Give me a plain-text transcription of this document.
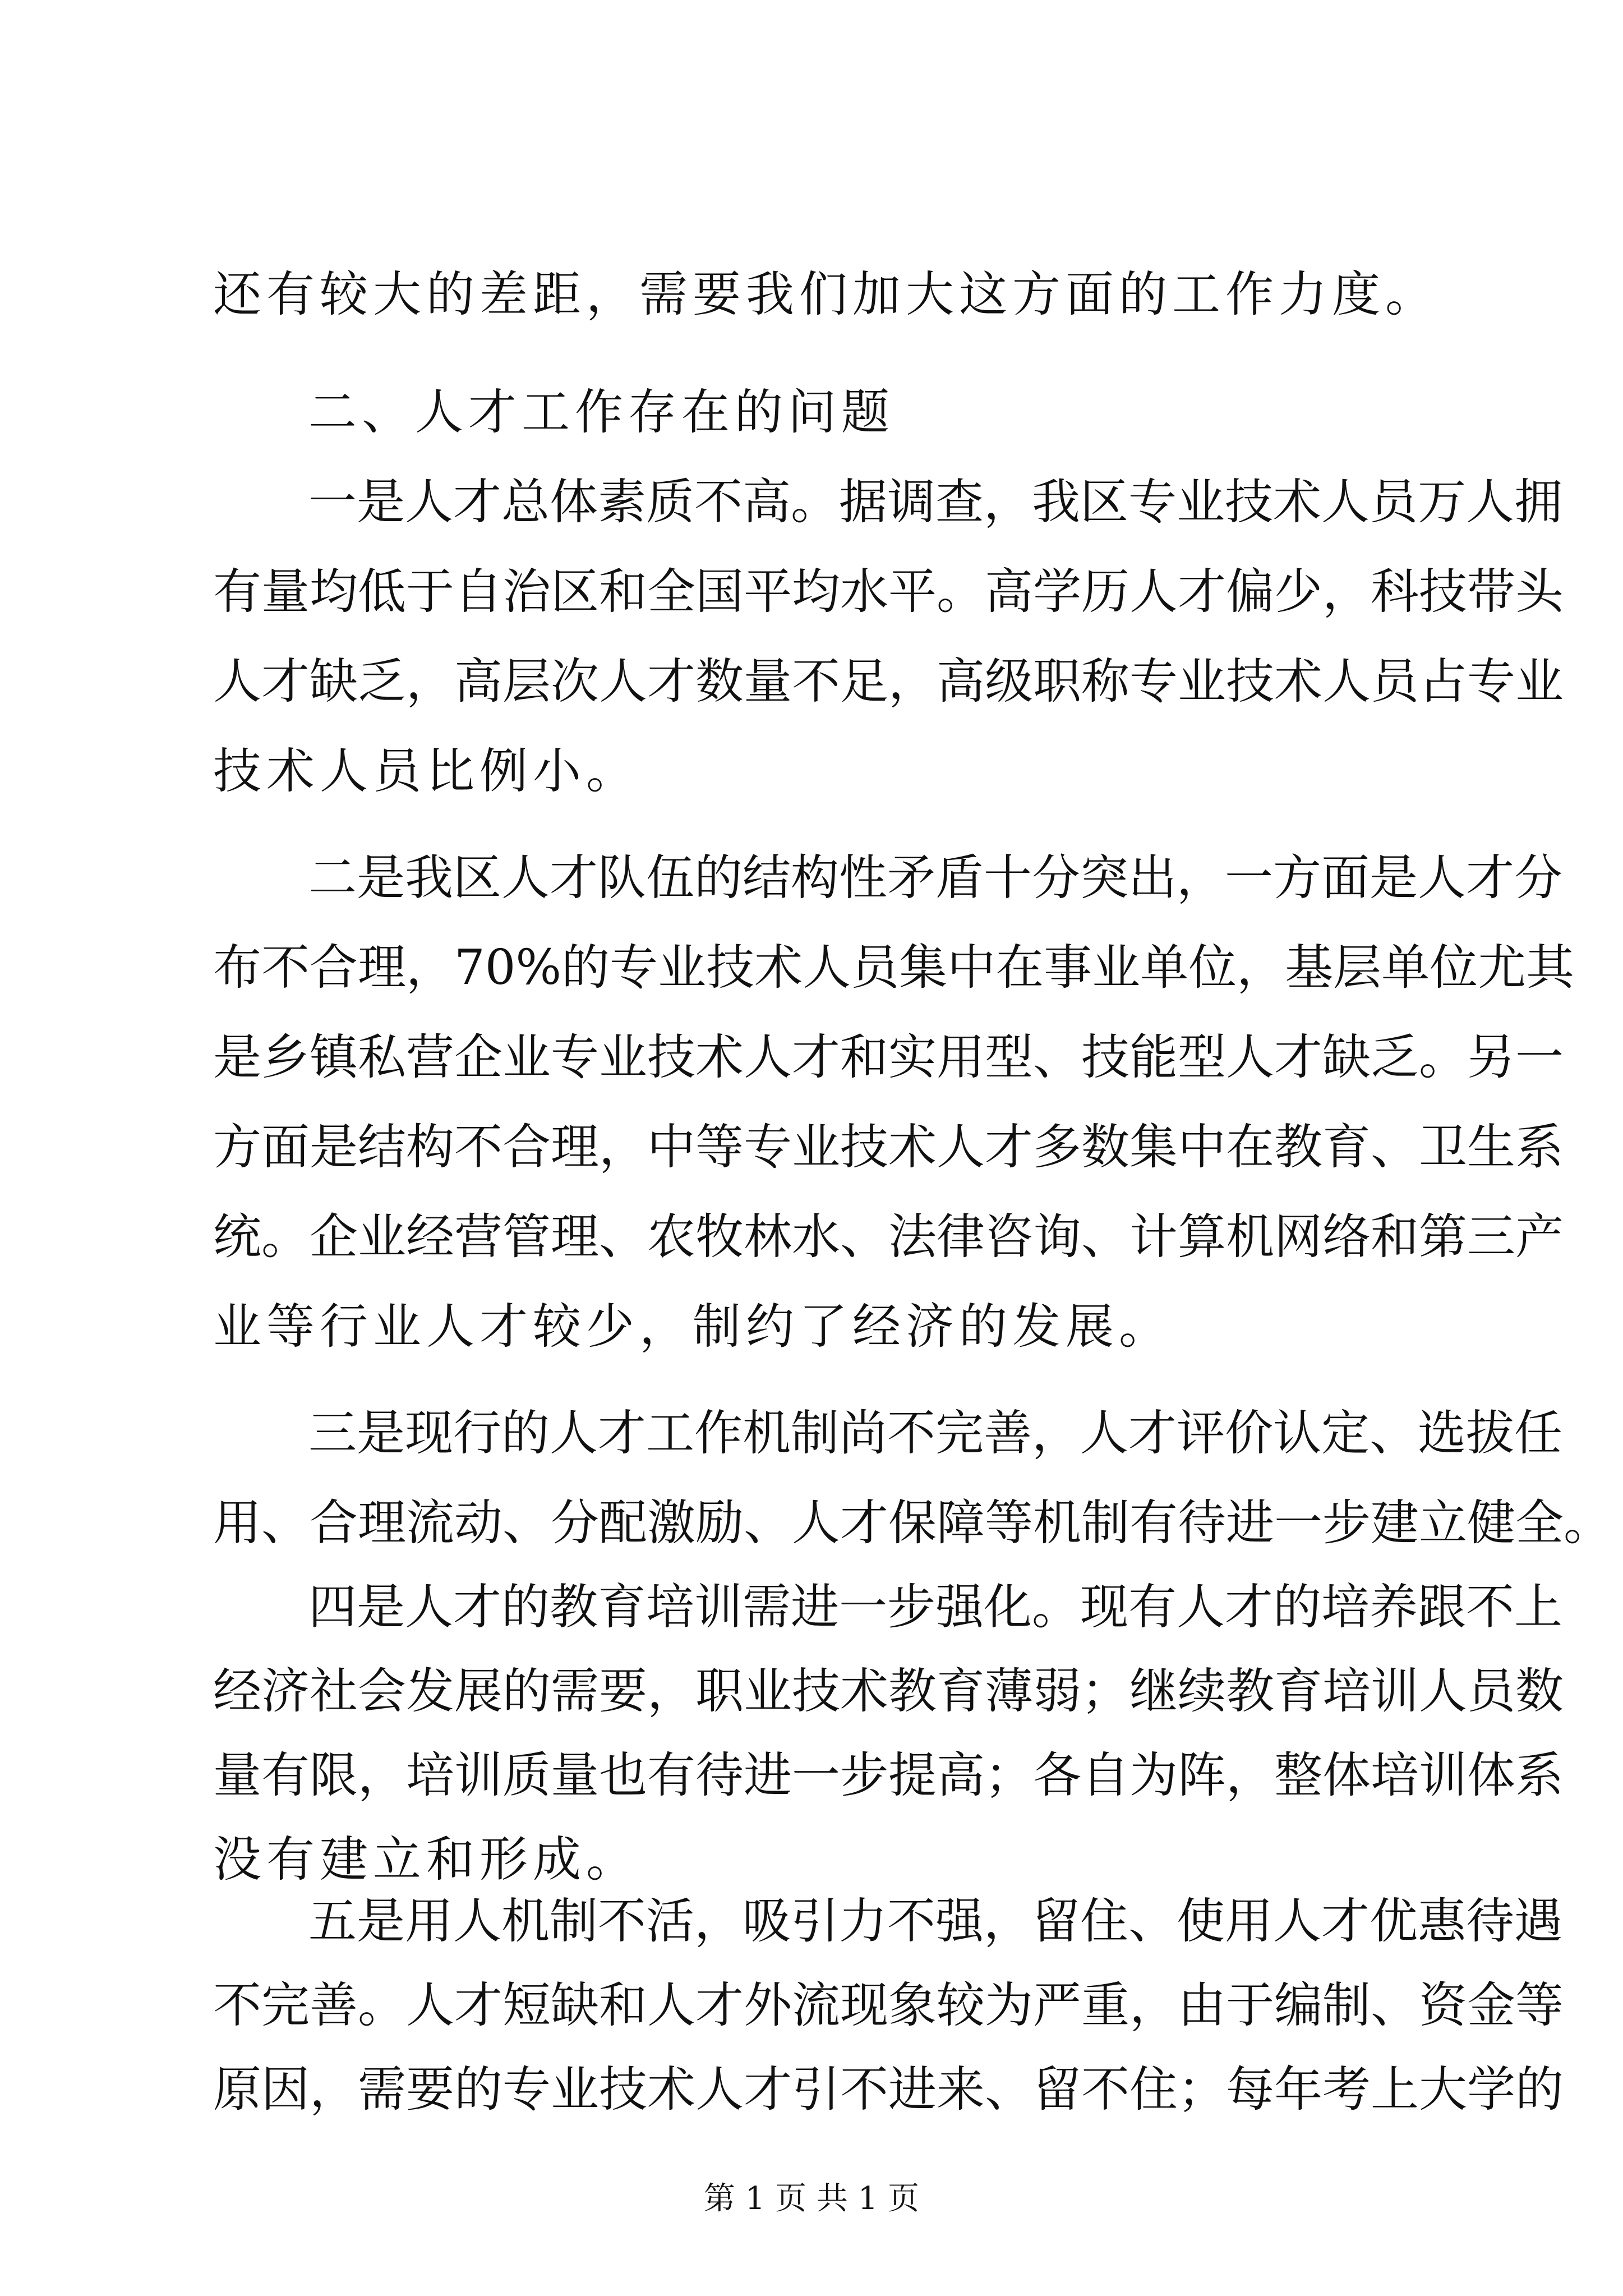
还有较大的差距，需要我们加大这方面的工作力度。
二、人才工作存在的问题
一是人才总体素质不高。据调查，我区专业技术人员万人拥
有量均低于自治区和全国平均水平。高学历人才偏少，科技带头
人才缺乏，高层次人才数量不足，高级职称专业技术人员占专业
技术人员比例小。
二是我区人才队伍的结构性矛盾十分突出，一方面是人才分
布不合理，70%的专业技术人员集中在事业单位，基层单位尤其
是乡镇私营企业专业技术人才和实用型、技能型人才缺乏。另一
方面是结构不合理，中等专业技术人才多数集中在教育、卫生系
统。企业经营管理、农牧林水、法律咨询、计算机网络和第三产
业等行业人才较少，制约了经济的发展。
三是现行的人才工作机制尚不完善，人才评价认定、选拔任
用、合理流动、分配激励、人才保障等机制有待进一步建立健全。
四是人才的教育培训需进一步强化。现有人才的培养跟不上
经济社会发展的需要，职业技术教育薄弱；继续教育培训人员数
量有限，培训质量也有待进一步提高；各自为阵，整体培训体系
没有建立和形成。
五是用人机制不活，吸引力不强，留住、使用人才优惠待遇
不完善。人才短缺和人才外流现象较为严重，由于编制、资金等
原因，需要的专业技术人才引不进来、留不住；每年考上大学的
第 1 页 共 1 页
